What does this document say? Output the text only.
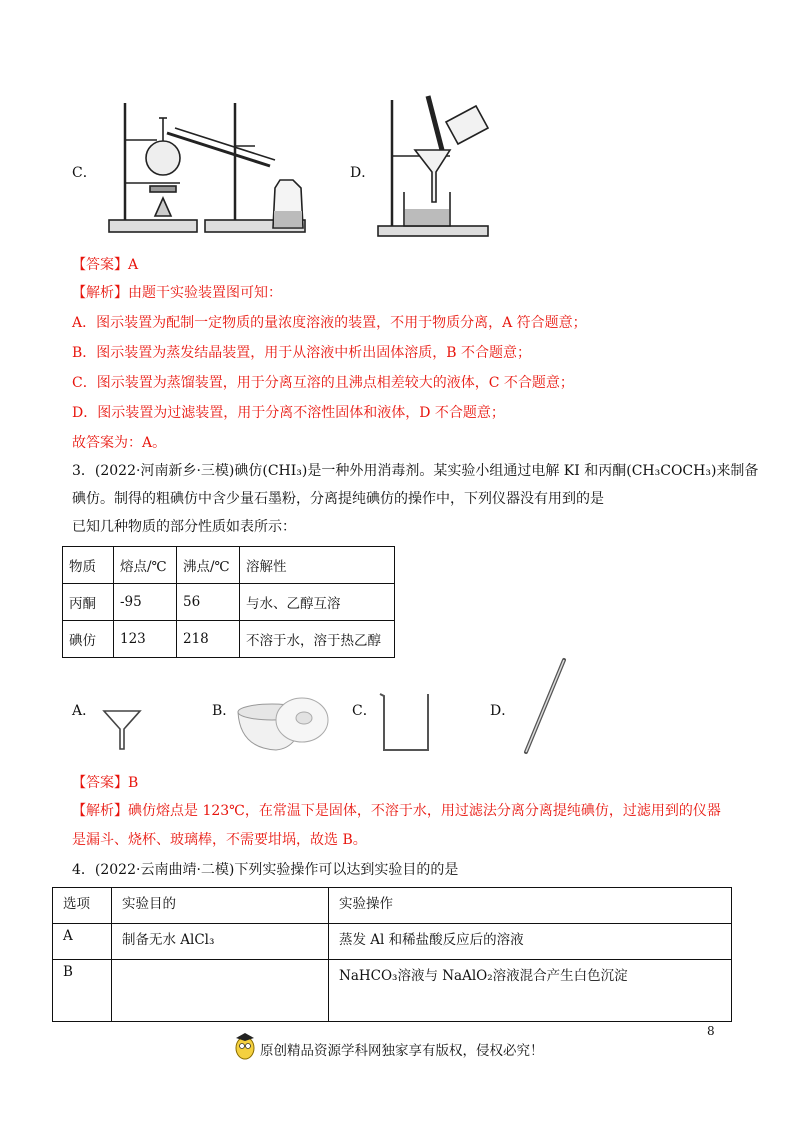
C．	D．
【答案】A
【解析】由题干实验装置图可知：
A．图示装置为配制一定物质的量浓度溶液的装置，不用于物质分离，A 符合题意；
B．图示装置为蒸发结晶装置，用于从溶液中析出固体溶质，B 不合题意；
C．图示装置为蒸馏装置，用于分离互溶的且沸点相差较大的液体，C 不合题意；
D．图示装置为过滤装置，用于分离不溶性固体和液体，D 不合题意；
故答案为：A。
3．(2022·河南新乡·三模)碘仿(CHI₃)是一种外用消毒剂。某实验小组通过电解 KI 和丙酮(CH₃COCH₃)来制备
碘仿。制得的粗碘仿中含少量石墨粉，分离提纯碘仿的操作中，下列仪器没有用到的是
已知几种物质的部分性质如表所示：
物质	熔点/℃	沸点/℃	溶解性
丙酮	-95	56	与水、乙醇互溶
碘仿	123	218	不溶于水，溶于热乙醇
A．	B．	C．	D．
【答案】B
【解析】碘仿熔点是 123℃，在常温下是固体，不溶于水，用过滤法分离分离提纯碘仿，过滤用到的仪器
是漏斗、烧杯、玻璃棒，不需要坩埚，故选 B。
4．(2022·云南曲靖·二模)下列实验操作可以达到实验目的的是
选项	实验目的	实验操作
A	制备无水 AlCl₃	蒸发 Al 和稀盐酸反应后的溶液
B		NaHCO₃溶液与 NaAlO₂溶液混合产生白色沉淀
8
原创精品资源学科网独家享有版权，侵权必究！
